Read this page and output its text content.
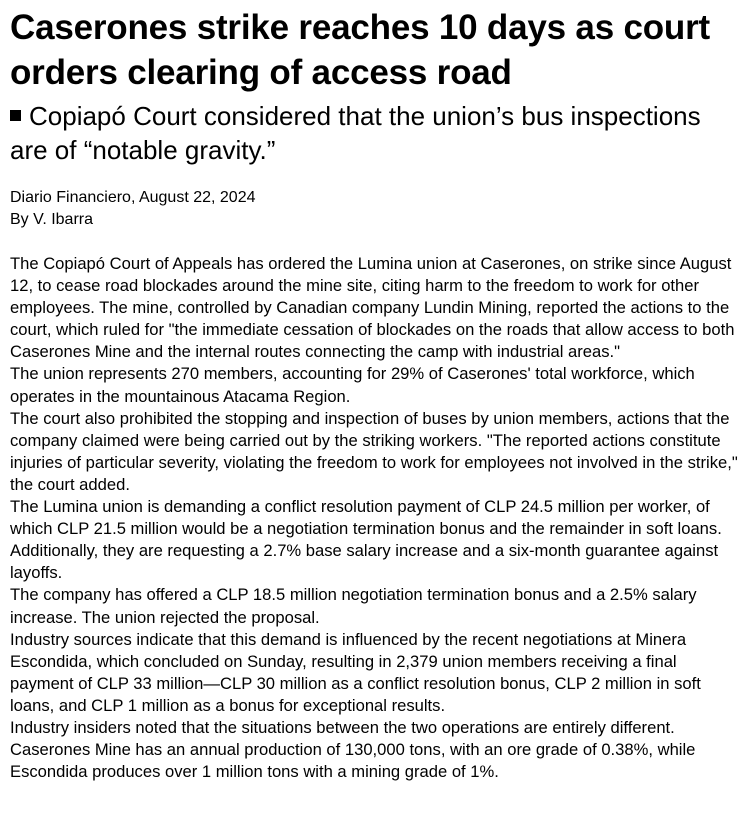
Caserones strike reaches 10 days as court orders clearing of access road
Copiapó Court considered that the union’s bus inspections are of “notable gravity.”
Diario Financiero, August 22, 2024
By V. Ibarra

The Copiapó Court of Appeals has ordered the Lumina union at Caserones, on strike since August 12, to cease road blockades around the mine site, citing harm to the freedom to work for other employees. The mine, controlled by Canadian company Lundin Mining, reported the actions to the court, which ruled for "the immediate cessation of blockades on the roads that allow access to both Caserones Mine and the internal routes connecting the camp with industrial areas."

The union represents 270 members, accounting for 29% of Caserones' total workforce, which operates in the mountainous Atacama Region.

The court also prohibited the stopping and inspection of buses by union members, actions that the company claimed were being carried out by the striking workers. "The reported actions constitute injuries of particular severity, violating the freedom to work for employees not involved in the strike," the court added.

The Lumina union is demanding a conflict resolution payment of CLP 24.5 million per worker, of which CLP 21.5 million would be a negotiation termination bonus and the remainder in soft loans. Additionally, they are requesting a 2.7% base salary increase and a six-month guarantee against layoffs.

The company has offered a CLP 18.5 million negotiation termination bonus and a 2.5% salary increase. The union rejected the proposal.

Industry sources indicate that this demand is influenced by the recent negotiations at Minera Escondida, which concluded on Sunday, resulting in 2,379 union members receiving a final payment of CLP 33 million—CLP 30 million as a conflict resolution bonus, CLP 2 million in soft loans, and CLP 1 million as a bonus for exceptional results.

Industry insiders noted that the situations between the two operations are entirely different. Caserones Mine has an annual production of 130,000 tons, with an ore grade of 0.38%, while Escondida produces over 1 million tons with a mining grade of 1%.
